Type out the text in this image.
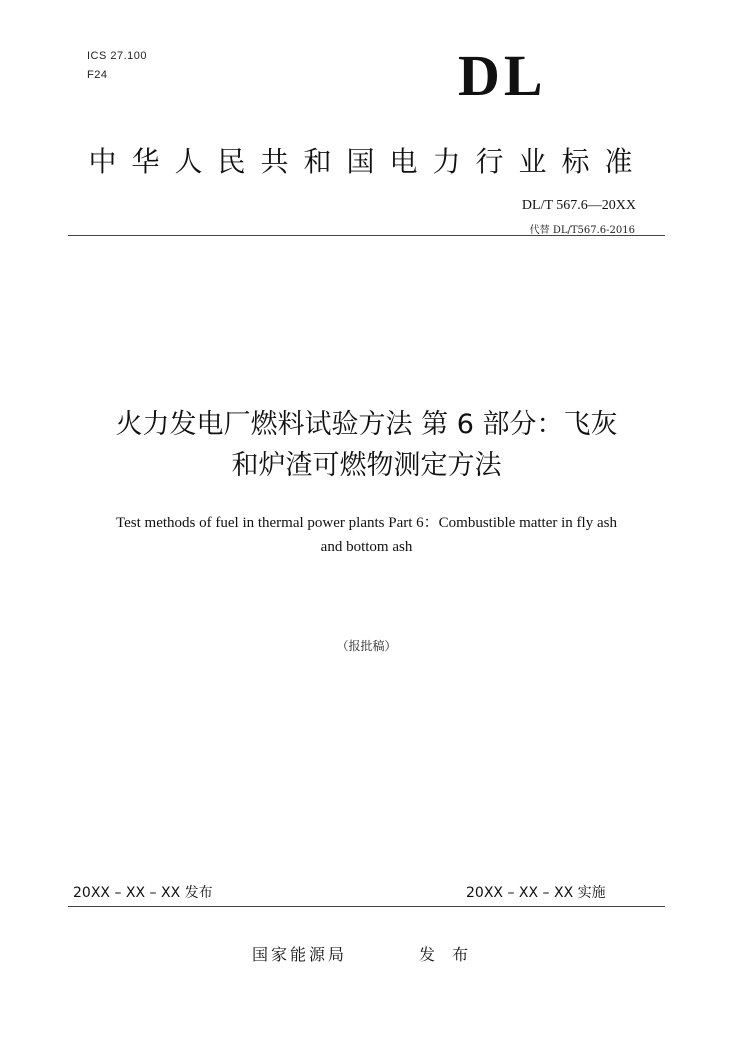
ICS 27.100
F24	DL
中华人民共和国电力行业标准
DL/T 567.6—20XX
代替 DL/T567.6-2016
火力发电厂燃料试验方法 第 6 部分：飞灰
和炉渣可燃物测定方法
Test methods of fuel in thermal power plants Part 6：Combustible matter in fly ash
and bottom ash
（报批稿）
20XX – XX – XX 发布	20XX – XX – XX 实施
国家能源局	发 布
